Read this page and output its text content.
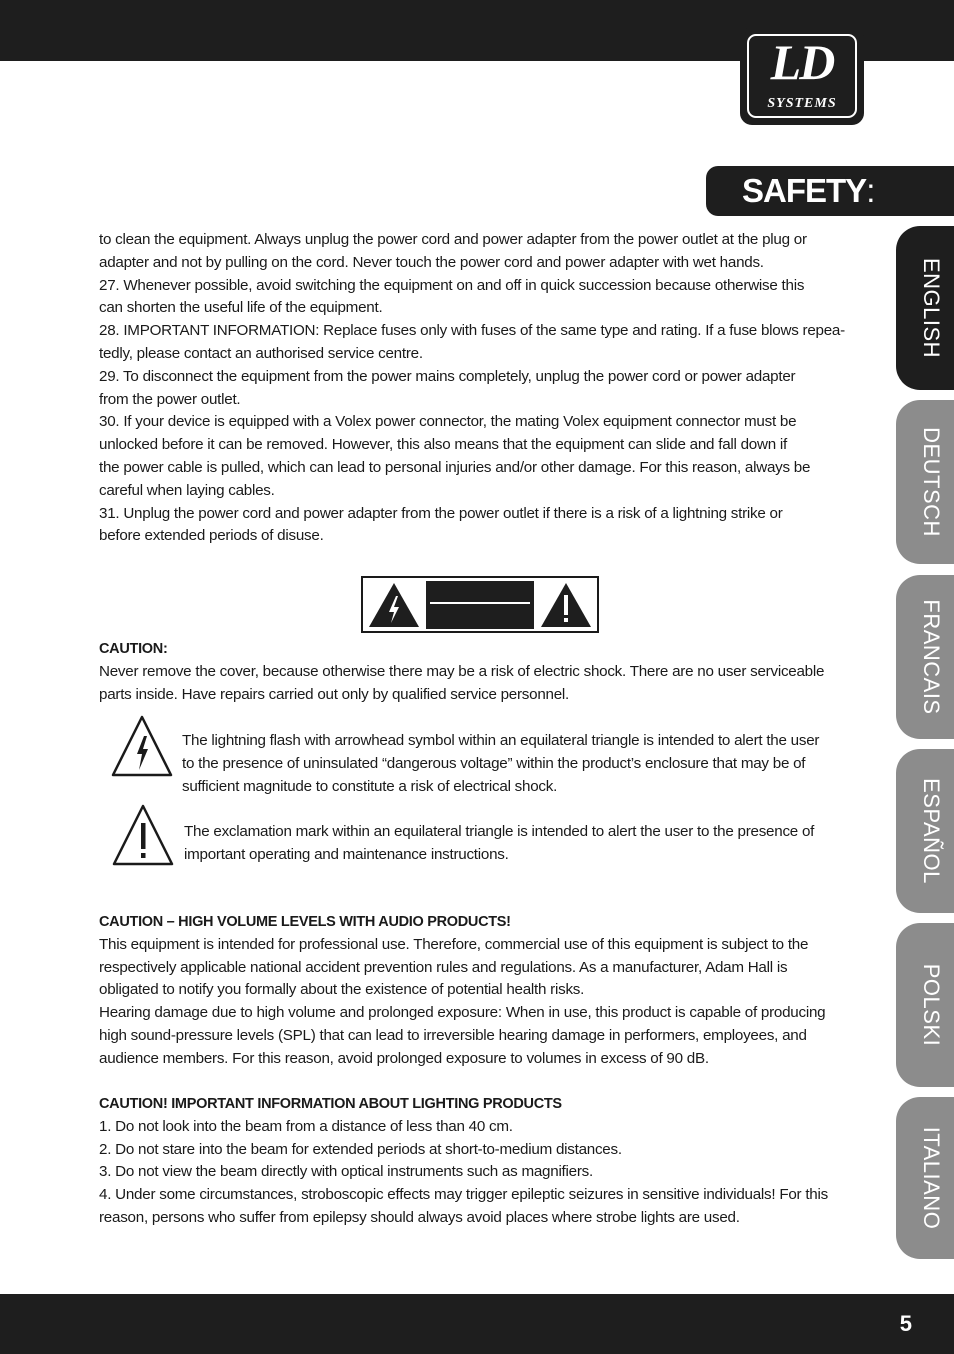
LD
SYSTEMS
SAFETY:
ENGLISH
DEUTSCH
FRANCAIS
ESPAÑOL
POLSKI
ITALIANO

to clean the equipment. Always unplug the power cord and power adapter from the power outlet at the plug or

adapter and not by pulling on the cord. Never touch the power cord and power adapter with wet hands.

27. Whenever possible, avoid switching the equipment on and off in quick succession because otherwise this

can shorten the useful life of the equipment.

28. IMPORTANT INFORMATION: Replace fuses only with fuses of the same type and rating. If a fuse blows repea-

tedly, please contact an authorised service centre.

29. To disconnect the equipment from the power mains completely, unplug the power cord or power adapter

from the power outlet.

30. If your device is equipped with a Volex power connector, the mating Volex equipment connector must be

unlocked before it can be removed. However, this also means that the equipment can slide and fall down if

the power cable is pulled, which can lead to personal injuries and/or other damage. For this reason, always be

careful when laying cables.

31. Unplug the power cord and power adapter from the power outlet if there is a risk of a lightning strike or

before extended periods of disuse.

CAUTION:

Never remove the cover, because otherwise there may be a risk of electric shock. There are no user serviceable

parts inside. Have repairs carried out only by qualified service personnel.

The lightning flash with arrowhead symbol within an equilateral triangle is intended to alert the user
to the presence of uninsulated “dangerous voltage” within the product’s enclosure that may be of
sufficient magnitude to constitute a risk of electrical shock.
The exclamation mark within an equilateral triangle is intended to alert the user to the presence of
important operating and maintenance instructions.

CAUTION – HIGH VOLUME LEVELS WITH AUDIO PRODUCTS!

This equipment is intended for professional use. Therefore, commercial use of this equipment is subject to the

respectively applicable national accident prevention rules and regulations. As a manufacturer, Adam Hall is

obligated to notify you formally about the existence of potential health risks.

Hearing damage due to high volume and prolonged exposure: When in use, this product is capable of producing

high sound-pressure levels (SPL) that can lead to irreversible hearing damage in performers, employees, and

audience members. For this reason, avoid prolonged exposure to volumes in excess of 90 dB.

CAUTION! IMPORTANT INFORMATION ABOUT LIGHTING PRODUCTS

1. Do not look into the beam from a distance of less than 40 cm.

2. Do not stare into the beam for extended periods at short-to-medium distances.

3. Do not view the beam directly with optical instruments such as magnifiers.

4. Under some circumstances, stroboscopic effects may trigger epileptic seizures in sensitive individuals! For this

reason, persons who suffer from epilepsy should always avoid places where strobe lights are used.

5
